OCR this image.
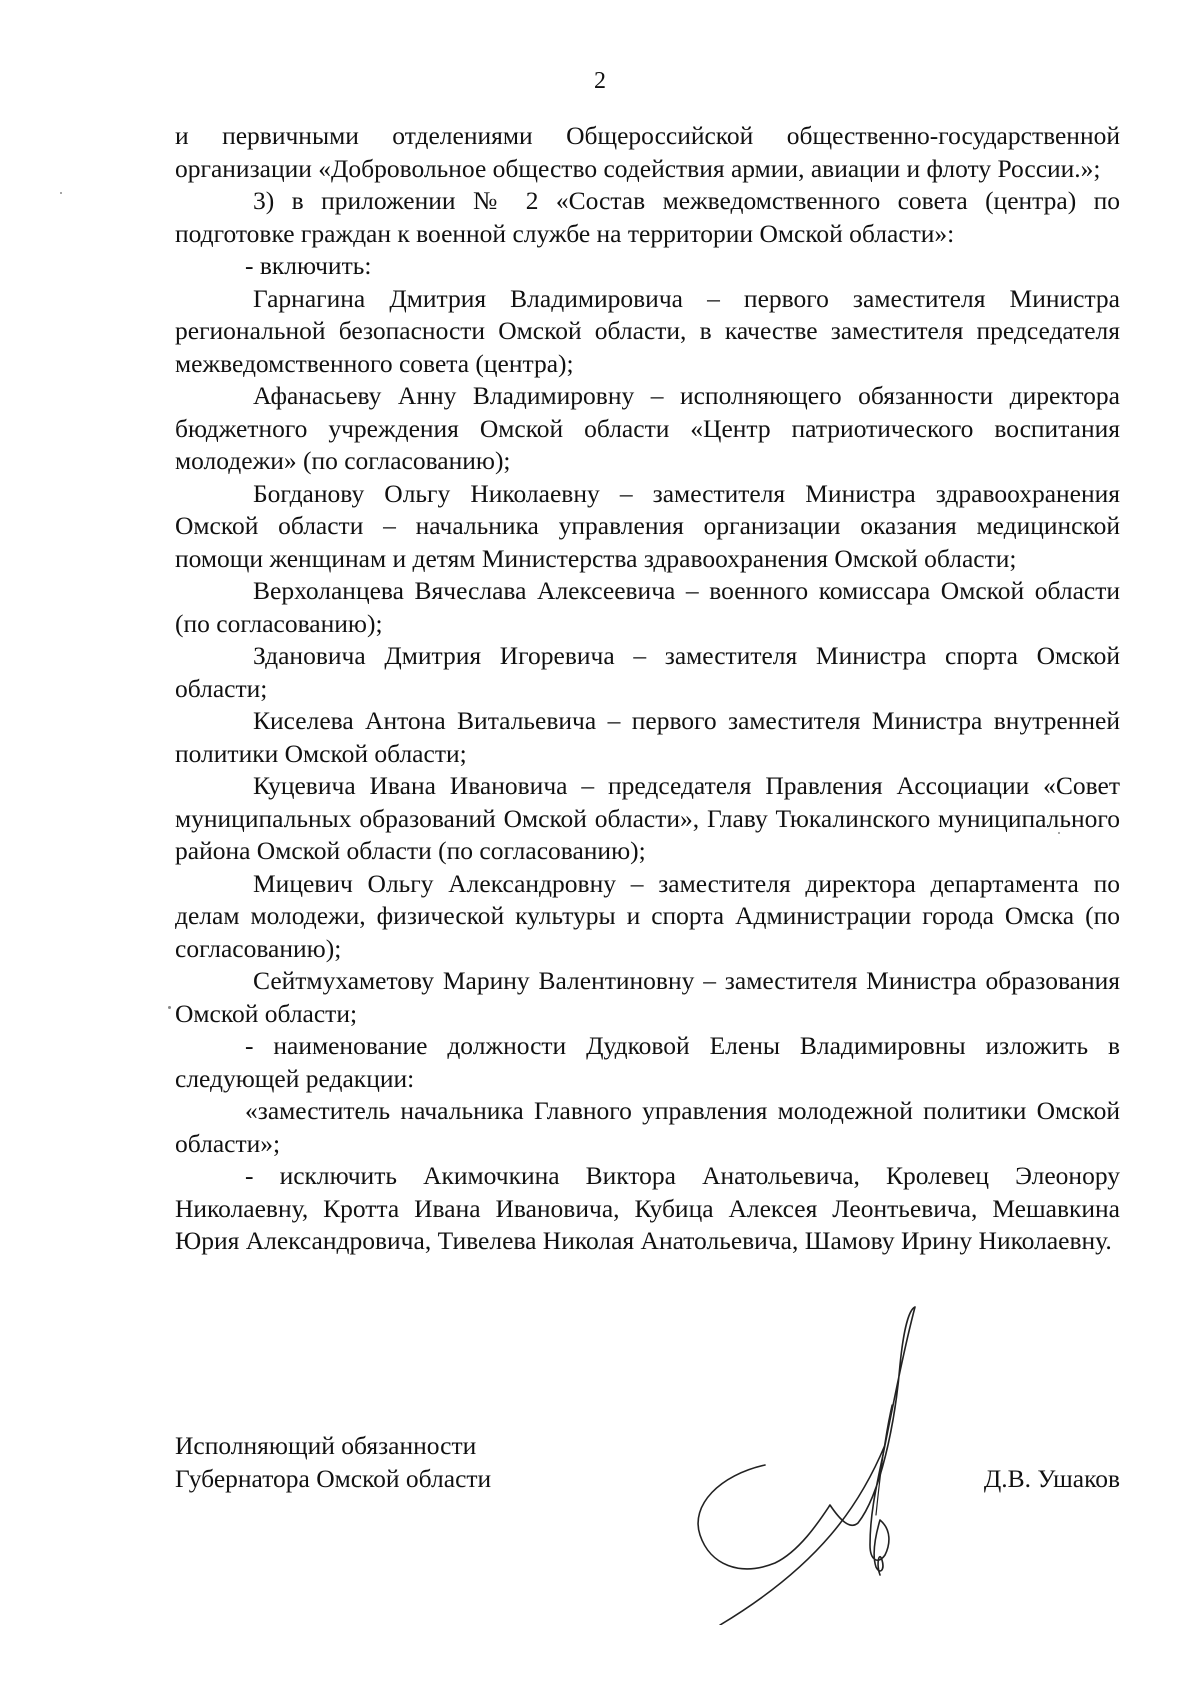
2

и первичными отделениями Общероссийской общественно-государственной организации «Добровольное общество содействия армии, авиации и флоту России.»;

3) в приложении № 2 «Состав межведомственного совета (центра) по подготовке граждан к военной службе на территории Омской области»:

- включить:

Гарнагина Дмитрия Владимировича – первого заместителя Министра региональной безопасности Омской области, в качестве заместителя председателя межведомственного совета (центра);

Афанасьеву Анну Владимировну – исполняющего обязанности директора бюджетного учреждения Омской области «Центр патриотического воспитания молодежи» (по согласованию);

Богданову Ольгу Николаевну – заместителя Министра здравоохранения Омской области – начальника управления организации оказания медицинской помощи женщинам и детям Министерства здравоохранения Омской области;

Верхоланцева Вячеслава Алексеевича – военного комиссара Омской области (по согласованию);

Здановича Дмитрия Игоревича – заместителя Министра спорта Омской области;

Киселева Антона Витальевича – первого заместителя Министра внутренней политики Омской области;

Куцевича Ивана Ивановича – председателя Правления Ассоциации «Совет муниципальных образований Омской области», Главу Тюкалинского муниципального района Омской области (по согласованию);

Мицевич Ольгу Александровну – заместителя директора департамента по делам молодежи, физической культуры и спорта Администрации города Омска (по согласованию);

Сейтмухаметову Марину Валентиновну – заместителя Министра образования Омской области;

- наименование должности Дудковой Елены Владимировны изложить в следующей редакции:

«заместитель начальника Главного управления молодежной политики Омской области»;

- исключить Акимочкина Виктора Анатольевича, Кролевец Элеонору Николаевну, Кротта Ивана Ивановича, Кубица Алексея Леонтьевича, Мешавкина Юрия Александровича, Тивелева Николая Анатольевича, Шамову Ирину Николаевну.

Исполняющий обязанности
Губернатора Омской области	Д.В. Ушаков
